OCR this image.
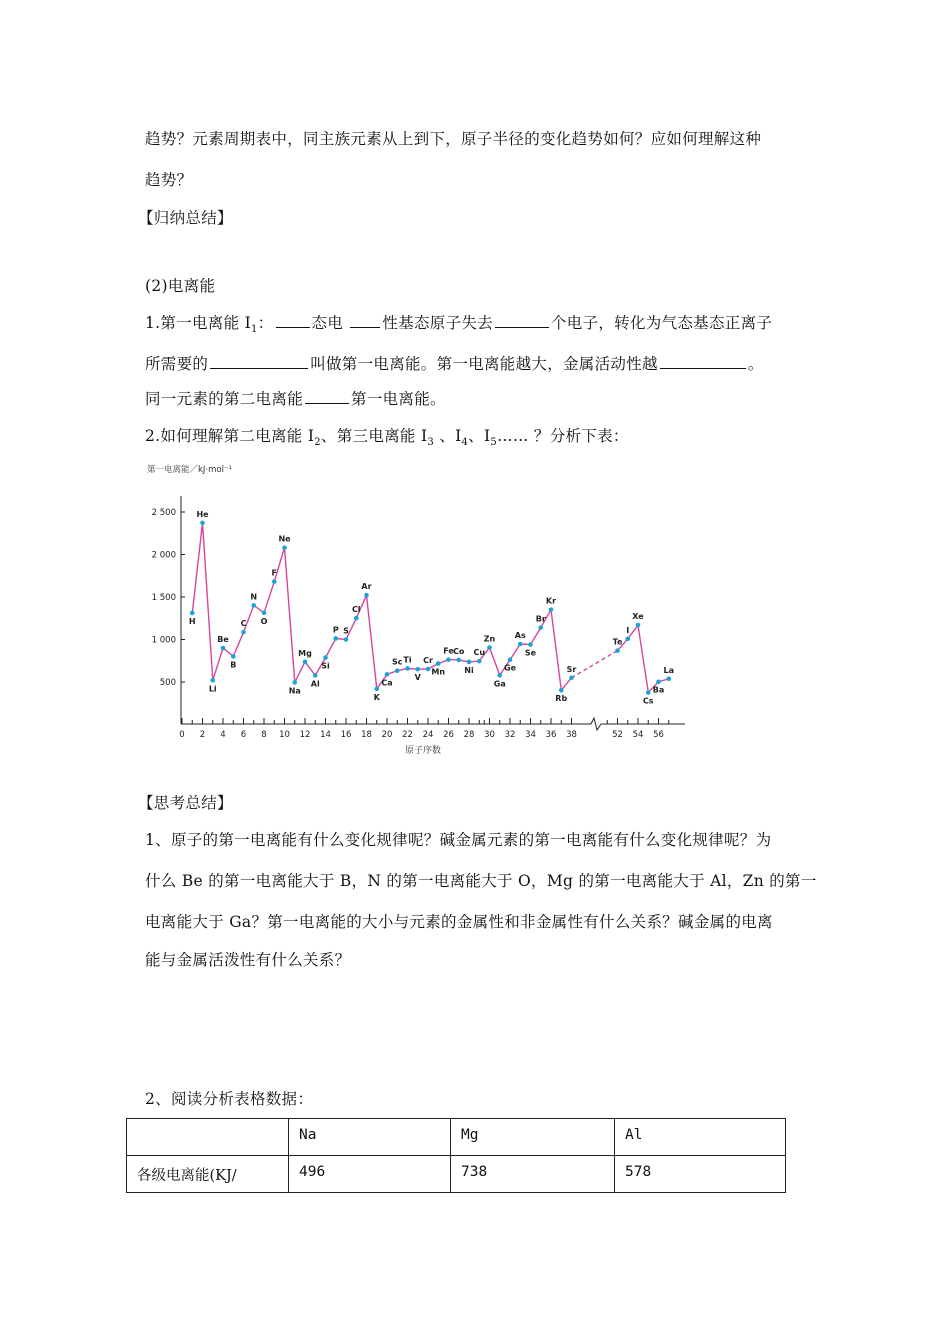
趋势？元素周期表中，同主族元素从上到下，原子半径的变化趋势如何？应如何理解这种
趋势？
【归纳总结】
(2)电离能
1.第一电离能 $I_1$： 态电 性基态原子失去	个电子，转化为气态基态正离子
所需要的	叫做第一电离能。第一电离能越大，金属活动性越	。
同一元素的第二电离能	第一电离能。
2.如何理解第二电离能 $I_2$、第三电离能 $I_3$ 、$I_4$、$I_5\dots\dots$ ？分析下表：
第一电离能／kJ·mol⁻¹
2 500
2 000
1 500
1 000
500
0 2 4 6 8 10 12 14 16 18 20 22 24 26 28 30 32 34 36 38	52 54 56
原子序数
H
He
Li
Be
B
C
N
O
F
Ne
Na
Mg
Al
Si
P S
Cl
Ar
K
Ca
Sc Ti
V
Cr
Mn
Fe Co
Ni
Cu
Zn
Ga
Ge
As
Se
Br
Kr
Rb
Sr
Te
I
Xe
Cs
Ba
La
【思考总结】
1、原子的第一电离能有什么变化规律呢？碱金属元素的第一电离能有什么变化规律呢？为
什么 Be 的第一电离能大于 B，N 的第一电离能大于 O，Mg 的第一电离能大于 Al，Zn 的第一
电离能大于 Ga？第一电离能的大小与元素的金属性和非金属性有什么关系？碱金属的电离
能与金属活泼性有什么关系？
2、阅读分析表格数据：
	Na	Mg	Al
各级电离能(KJ/	496	738	578
